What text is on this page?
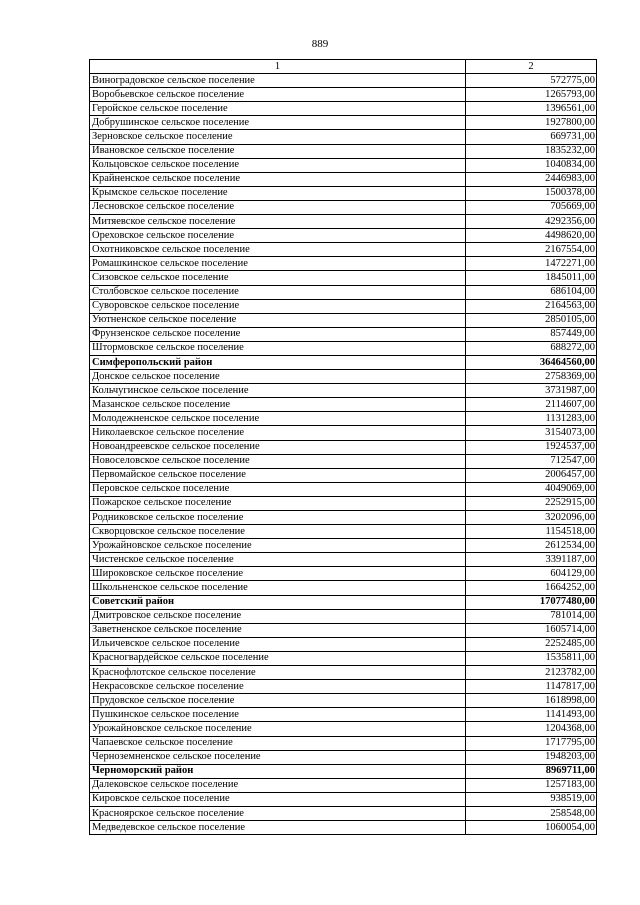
889
1	2
Виноградовское сельское поселение	572775,00
Воробьевское сельское поселение	1265793,00
Геройское сельское поселение	1396561,00
Добрушинское сельское поселение	1927800,00
Зерновское сельское поселение	669731,00
Ивановское сельское поселение	1835232,00
Кольцовское сельское поселение	1040834,00
Крайненское сельское поселение	2446983,00
Крымское сельское поселение	1500378,00
Лесновское сельское поселение	705669,00
Митяевское сельское поселение	4292356,00
Ореховское сельское поселение	4498620,00
Охотниковское сельское поселение	2167554,00
Ромашкинское сельское поселение	1472271,00
Сизовское сельское поселение	1845011,00
Столбовское сельское поселение	686104,00
Суворовское сельское поселение	2164563,00
Уютненское сельское поселение	2850105,00
Фрунзенское сельское поселение	857449,00
Штормовское сельское поселение	688272,00
Симферопольский район	36464560,00
Донское сельское поселение	2758369,00
Кольчугинское сельское поселение	3731987,00
Мазанское сельское поселение	2114607,00
Молодежненское сельское поселение	1131283,00
Николаевское сельское поселение	3154073,00
Новоандреевское сельское поселение	1924537,00
Новоселовское сельское поселение	712547,00
Первомайское сельское поселение	2006457,00
Перовское сельское поселение	4049069,00
Пожарское сельское поселение	2252915,00
Родниковское сельское поселение	3202096,00
Скворцовское сельское поселение	1154518,00
Урожайновское сельское поселение	2612534,00
Чистенское сельское поселение	3391187,00
Широковское сельское поселение	604129,00
Школьненское сельское поселение	1664252,00
Советский район	17077480,00
Дмитровское сельское поселение	781014,00
Заветненское сельское поселение	1605714,00
Ильичевское сельское поселение	2252485,00
Красногвардейское сельское поселение	1535811,00
Краснофлотское сельское поселение	2123782,00
Некрасовское сельское поселение	1147817,00
Прудовское сельское поселение	1618998,00
Пушкинское сельское поселение	1141493,00
Урожайновское сельское поселение	1204368,00
Чапаевское сельское поселение	1717795,00
Черноземненское сельское поселение	1948203,00
Черноморский район	8969711,00
Далековское сельское поселение	1257183,00
Кировское сельское поселение	938519,00
Красноярское сельское поселение	258548,00
Медведевское сельское поселение	1060054,00
